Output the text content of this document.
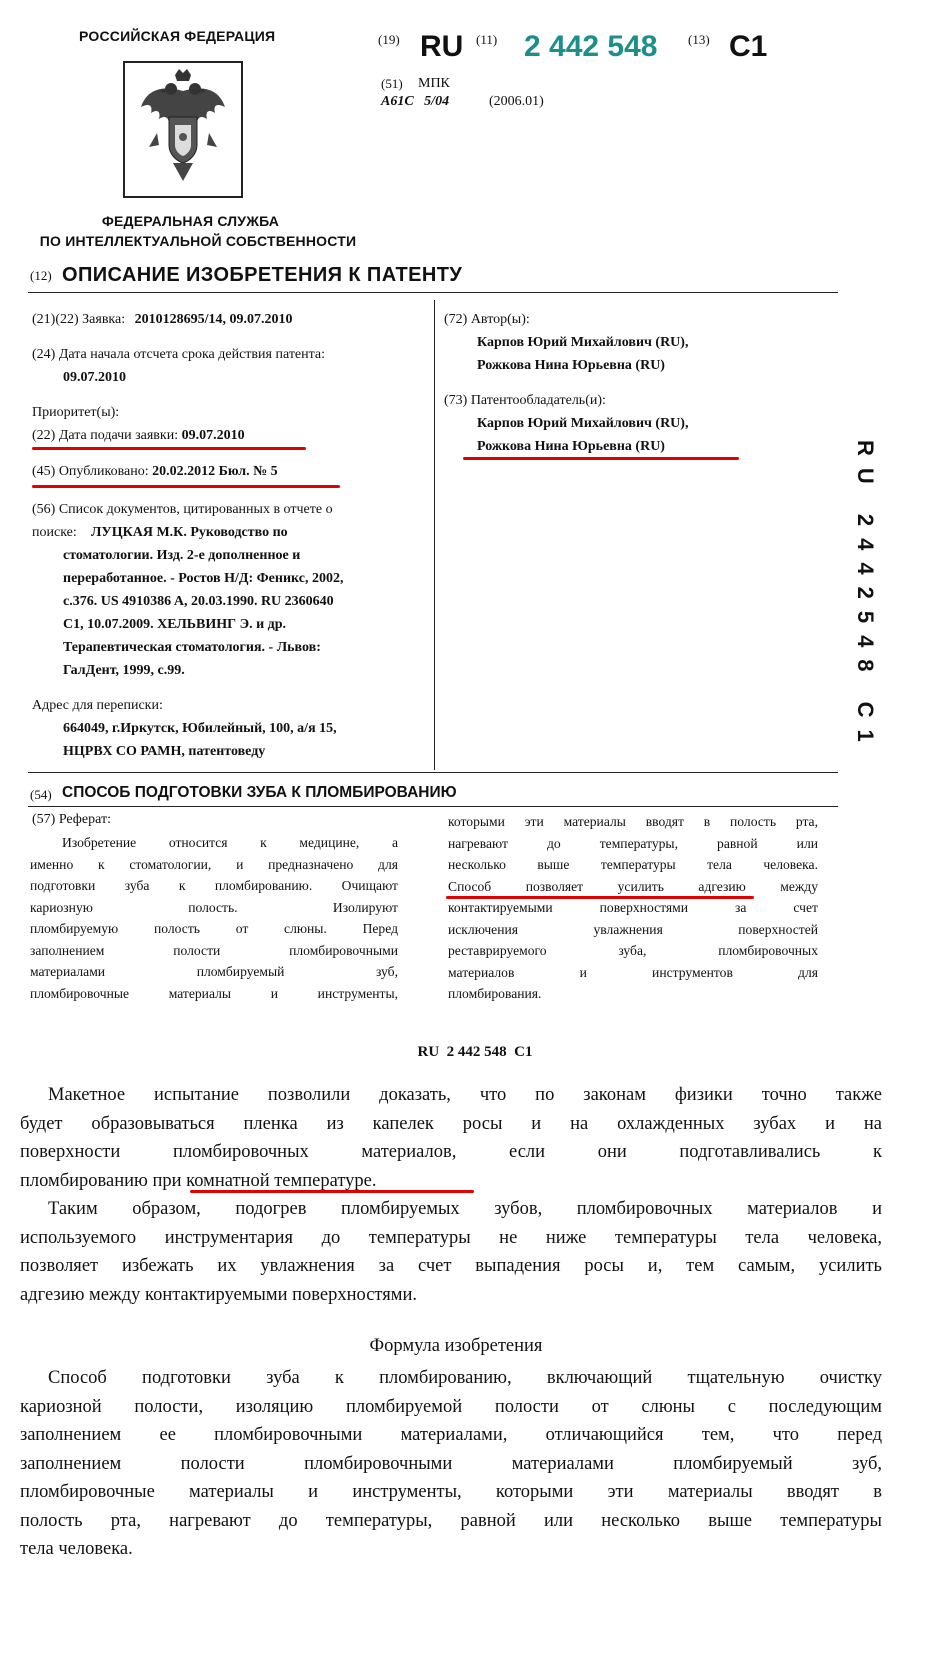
РОССИЙСКАЯ ФЕДЕРАЦИЯ
ФЕДЕРАЛЬНАЯ СЛУЖБА
ПО ИНТЕЛЛЕКТУАЛЬНОЙ СОБСТВЕННОСТИ
(19) RU (11) 2 442 548 (13) C1
(51) МПК
A61C   5/04	(2006.01)
(12) ОПИСАНИЕ ИЗОБРЕТЕНИЯ К ПАТЕНТУ
(21)(22) Заявка: 2010128695/14, 09.07.2010
(24) Дата начала отсчета срока действия патента:
09.07.2010
Приоритет(ы):
(22) Дата подачи заявки: 09.07.2010
(45) Опубликовано: 20.02.2012 Бюл. № 5
(56) Список документов, цитированных в отчете о
поиске: ЛУЦКАЯ М.К. Руководство по
стоматологии. Изд. 2-е дополненное и
переработанное. - Ростов Н/Д: Феникс, 2002,
с.376. US 4910386 A, 20.03.1990. RU 2360640
C1, 10.07.2009. ХЕЛЬВИНГ Э. и др.
Терапевтическая стоматология. - Львов:
ГалДент, 1999, с.99.
Адрес для переписки:
664049, г.Иркутск, Юбилейный, 100, а/я 15,
НЦРВХ СО РАМН, патентоведу
(72) Автор(ы):
Карпов Юрий Михайлович (RU),
Рожкова Нина Юрьевна (RU)
(73) Патентообладатель(и):
Карпов Юрий Михайлович (RU),
Рожкова Нина Юрьевна (RU)	RU 2442548 C1
(54) СПОСОБ ПОДГОТОВКИ ЗУБА К ПЛОМБИРОВАНИЮ
(57) Реферат:
Изобретение относится к медицине, а
именно к стоматологии, и предназначено для
подготовки зуба к пломбированию. Очищают
кариозную полость. Изолируют
пломбируемую полость от слюны. Перед
заполнением полости пломбировочными
материалами пломбируемый зуб,
пломбировочные материалы и инструменты,
которыми эти материалы вводят в полость рта,
нагревают до температуры, равной или
несколько выше температуры тела человека.
Способ позволяет усилить адгезию между
контактируемыми поверхностями за счет
исключения увлажнения поверхностей
реставрируемого зуба, пломбировочных
материалов и инструментов для
пломбирования.
RU  2 442 548  C1
Макетное испытание позволили доказать, что по законам физики точно также
будет образовываться пленка из капелек росы и на охлажденных зубах и на
поверхности пломбировочных материалов, если они подготавливались к
пломбированию при комнатной температуре.
Таким образом, подогрев пломбируемых зубов, пломбировочных материалов и
используемого инструментария до температуры не ниже температуры тела человека,
позволяет избежать их увлажнения за счет выпадения росы и, тем самым, усилить
адгезию между контактируемыми поверхностями.
Формула изобретения
Способ подготовки зуба к пломбированию, включающий тщательную очистку
кариозной полости, изоляцию пломбируемой полости от слюны с последующим
заполнением ее пломбировочными материалами, отличающийся тем, что перед
заполнением полости пломбировочными материалами пломбируемый зуб,
пломбировочные материалы и инструменты, которыми эти материалы вводят в
полость рта, нагревают до температуры, равной или несколько выше температуры
тела человека.
